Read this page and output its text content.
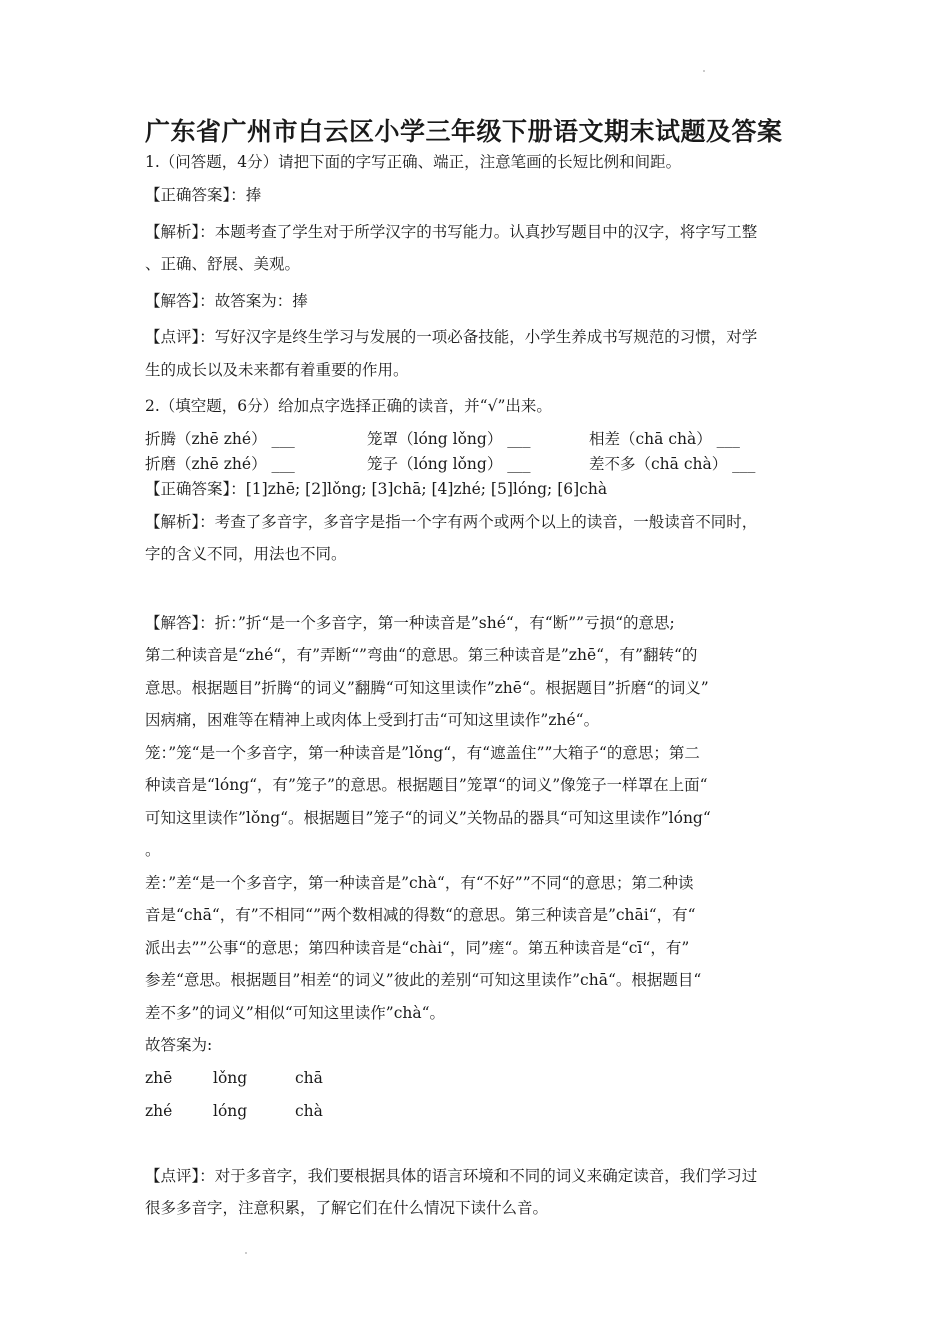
广东省广州市白云区小学三年级下册语文期末试题及答案

1.（问答题，4分）请把下面的字写正确、端正，注意笔画的长短比例和间距。

【正确答案】：捧

【解析】：本题考查了学生对于所学汉字的书写能力。认真抄写题目中的汉字，将字写工整

、正确、舒展、美观。

【解答】：故答案为：捧

【点评】：写好汉字是终生学习与发展的一项必备技能，小学生养成书写规范的习惯，对学

生的成长以及未来都有着重要的作用。

2.（填空题，6分）给加点字选择正确的读音，并“√”出来。

折腾（zhē zhé） ___	笼罩（lóng lǒng） ___	相差（chā chà） ___
折磨（zhē zhé） ___	笼子（lóng lǒng） ___	差不多（chā chà） ___

【正确答案】：[1]zhē; [2]lǒng; [3]chā; [4]zhé; [5]lóng; [6]chà

【解析】：考查了多音字，多音字是指一个字有两个或两个以上的读音，一般读音不同时，

字的含义不同，用法也不同。

【解答】：折：”折“是一个多音字，第一种读音是”shé“，有“断””亏损“的意思;

第二种读音是“zhé“，有”弄断“”弯曲“的意思。第三种读音是”zhē“，有”翻转“的

意思。根据题目”折腾“的词义”翻腾“可知这里读作”zhē“。根据题目”折磨“的词义”

因病痛，困难等在精神上或肉体上受到打击“可知这里读作”zhé“。

笼：”笼“是一个多音字，第一种读音是”lǒng“，有“遮盖住””大箱子“的意思；第二

种读音是“lóng“，有”笼子”的意思。根据题目”笼罩“的词义”像笼子一样罩在上面“

可知这里读作”lǒng“。根据题目”笼子“的词义”关物品的器具“可知这里读作”lóng“

。

差：”差“是一个多音字，第一种读音是”chà“，有“不好””不同“的意思；第二种读

音是“chā“，有”不相同“”两个数相减的得数“的意思。第三种读音是”chāi“，有“

派出去””公事“的意思；第四种读音是“chài“，同”瘥“。第五种读音是“cī“，有”

参差“意思。根据题目”相差“的词义”彼此的差别“可知这里读作”chā“。根据题目“

差不多”的词义”相似“可知这里读作”chà“。

故答案为:

zhē	lǒng	chā
zhé	lóng	chà

【点评】：对于多音字，我们要根据具体的语言环境和不同的词义来确定读音，我们学习过

很多多音字，注意积累，了解它们在什么情况下读什么音。
